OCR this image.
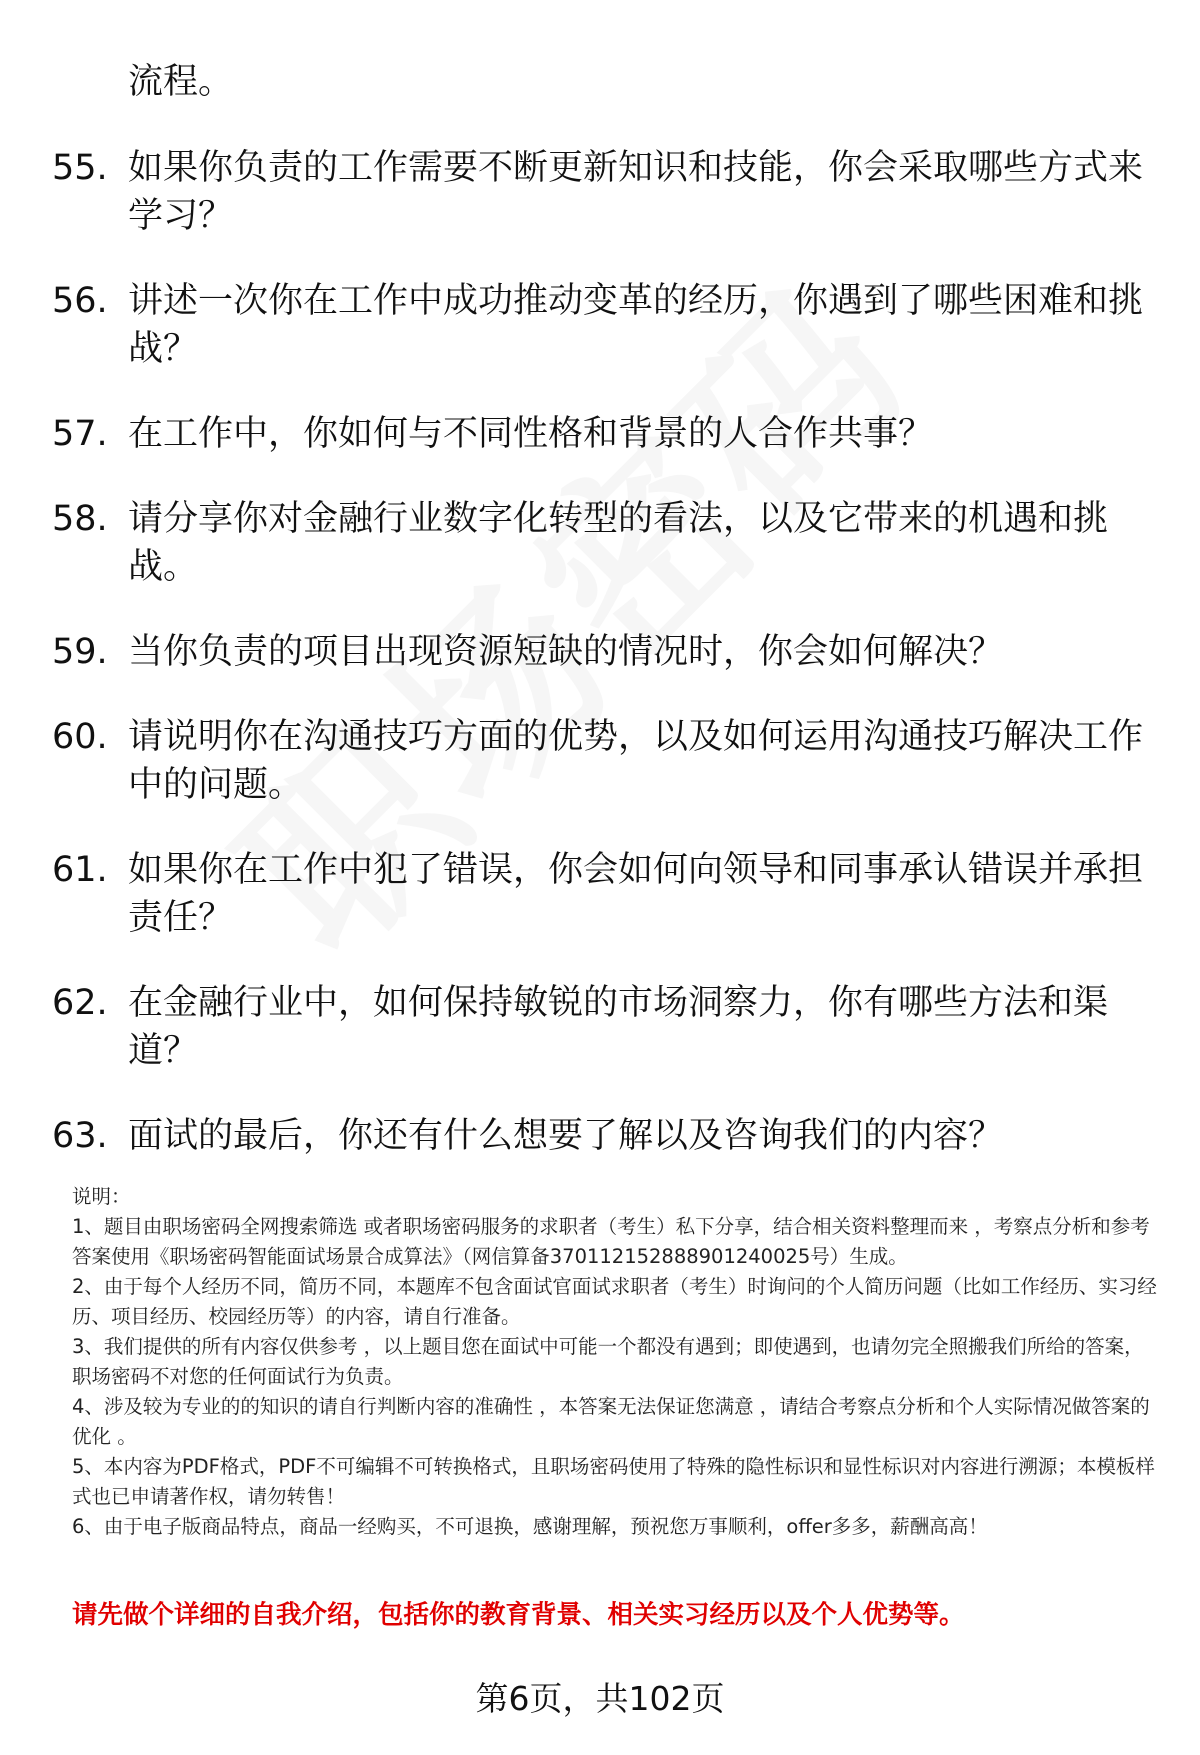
流程。
55. 如果你负责的工作需要不断更新知识和技能，你会采取哪些方式来学习？
56. 讲述一次你在工作中成功推动变革的经历，你遇到了哪些困难和挑战？
57. 在工作中，你如何与不同性格和背景的人合作共事？
58. 请分享你对金融行业数字化转型的看法，以及它带来的机遇和挑战。
59. 当你负责的项目出现资源短缺的情况时，你会如何解决？
60. 请说明你在沟通技巧方面的优势，以及如何运用沟通技巧解决工作中的问题。
61. 如果你在工作中犯了错误，你会如何向领导和同事承认错误并承担责任？
62. 在金融行业中，如何保持敏锐的市场洞察力，你有哪些方法和渠道？
63. 面试的最后，你还有什么想要了解以及咨询我们的内容？

说明：

1、题目由职场密码全网搜索筛选 或者职场密码服务的求职者（考生）私下分享，结合相关资料整理而来 ，考察点分析和参考答案使用《职场密码智能面试场景合成算法》（网信算备370112152888901240025号）生成。

2、由于每个人经历不同，简历不同，本题库不包含面试官面试求职者（考生）时询问的个人简历问题（比如工作经历、实习经历、项目经历、校园经历等）的内容，请自行准备。

3、我们提供的所有内容仅供参考 ，以上题目您在面试中可能一个都没有遇到；即使遇到，也请勿完全照搬我们所给的答案，职场密码不对您的任何面试行为负责。

4、涉及较为专业的的知识的请自行判断内容的准确性 ，本答案无法保证您满意 ，请结合考察点分析和个人实际情况做答案的优化 。

5、本内容为PDF格式，PDF不可编辑不可转换格式，且职场密码使用了特殊的隐性标识和显性标识对内容进行溯源；本模板样式也已申请著作权，请勿转售！

6、由于电子版商品特点，商品一经购买，不可退换，感谢理解，预祝您万事顺利，offer多多，薪酬高高！

请先做个详细的自我介绍，包括你的教育背景、相关实习经历以及个人优势等。
第6页，共102页
